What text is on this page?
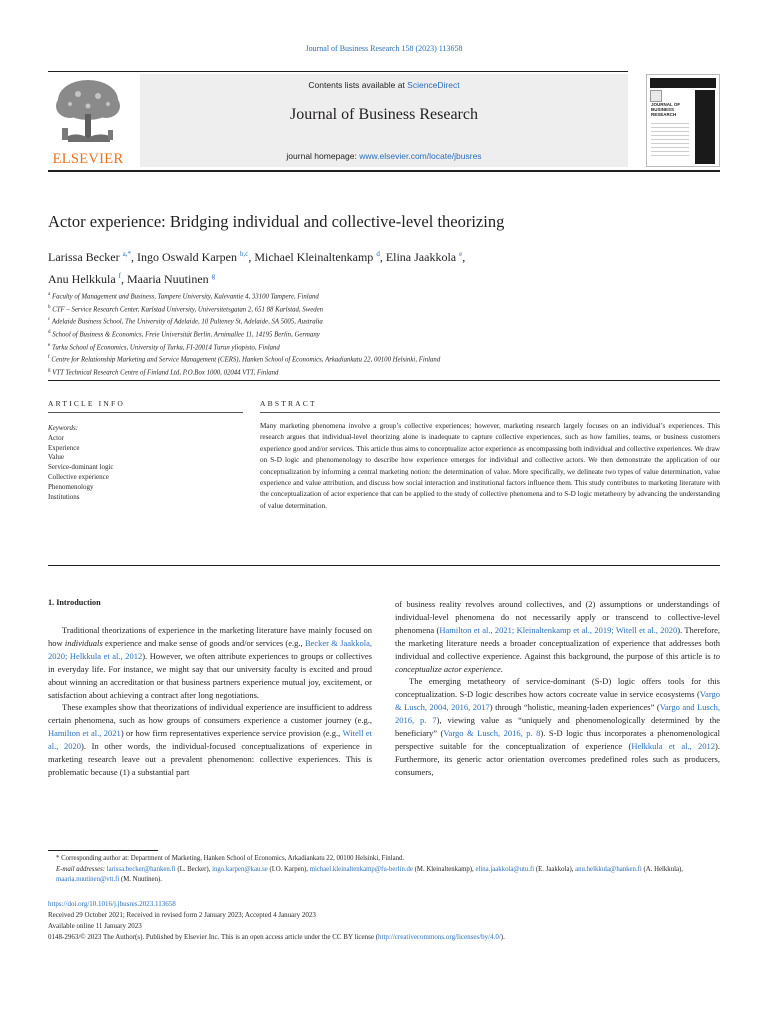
Journal of Business Research 158 (2023) 113658
ELSEVIER
Contents lists available at ScienceDirect
Journal of Business Research
journal homepage: www.elsevier.com/locate/jbusres
JOURNAL OF BUSINESS RESEARCH
Actor experience: Bridging individual and collective-level theorizing
Larissa Becker $^{a,*}$, Ingo Oswald Karpen $^{b,c}$, Michael Kleinaltenkamp $^d$, Elina Jaakkola $^e$,
Anu Helkkula $^f$, Maaria Nuutinen $^g$
$^a$ Faculty of Management and Business, Tampere University, Kalevantie 4, 33100 Tampere, Finland
$^b$ CTF – Service Research Center, Karlstad University, Universitetsgatan 2, 651 88 Karlstad, Sweden
$^c$ Adelaide Business School, The University of Adelaide, 10 Pulteney St, Adelaide, SA 5005, Australia
$^d$ School of Business & Economics, Freie Universität Berlin, Arnimallee 11, 14195 Berlin, Germany
$^e$ Turku School of Economics, University of Turku, FI-20014 Turun yliopisto, Finland
$^f$ Centre for Relationship Marketing and Service Management (CERS), Hanken School of Economics, Arkadiankatu 22, 00100 Helsinki, Finland
$^g$ VTT Technical Research Centre of Finland Ltd, P.O.Box 1000, 02044 VTT, Finland
ARTICLE INFO	ABSTRACT
Keywords:
Actor
Experience
Value
Service-dominant logic
Collective experience
Phenomenology
Institutions
Many marketing phenomena involve a group’s collective experiences; however, marketing research largely focuses on an individual’s experiences. This research argues that individual-level theorizing alone is inadequate to capture collective experiences, such as how families, teams, or business customers experience good and/or services. This article thus aims to conceptualize actor experience as encompassing both individual and collective experiences. We draw on S-D logic and phenomenology to describe how experience emerges for individual and collective actors. We then demonstrate the application of our conceptualization by informing a central marketing notion: the determination of value. More specifically, we delineate two types of value determination, value experience and value attribution, and discuss how social interaction and institutional factors influence them. This study contributes to marketing literature with the conceptualization of actor experience that can be applied to the study of collective phenomena and to S-D logic metatheory by advancing the understanding of value determination.
1. Introduction

Traditional theorizations of experience in the marketing literature have mainly focused on how individuals experience and make sense of goods and/or services (e.g., Becker & Jaakkola, 2020; Helkkula et al., 2012). However, we often attribute experiences to groups or collectives in everyday life. For instance, we might say that our university faculty is excited and proud about winning an accreditation or that business partners experience mutual joy, excitement, or satisfaction about achieving a contract after long negotiations.

These examples show that theorizations of individual experience are insufficient to address certain phenomena, such as how groups of consumers experience a customer journey (e.g., Hamilton et al., 2021) or how firm representatives experience service provision (e.g., Witell et al., 2020). In other words, the individual-focused conceptualizations of experience in marketing research leave out a prevalent phenomenon: collective experiences. This is problematic because (1) a substantial part

of business reality revolves around collectives, and (2) assumptions or understandings of individual-level phenomena do not necessarily apply or transcend to collective-level phenomena (Hamilton et al., 2021; Kleinaltenkamp et al., 2019; Witell et al., 2020). Therefore, the marketing literature needs a broader conceptualization of experience that addresses both individual and collective experience. Against this background, the purpose of this article is to conceptualize actor experience.

The emerging metatheory of service-dominant (S-D) logic offers tools for this conceptualization. S-D logic describes how actors cocreate value in service ecosystems (Vargo & Lusch, 2004, 2016, 2017) through “holistic, meaning-laden experiences” (Vargo and Lusch, 2016, p. 7), viewing value as “uniquely and phenomenologically determined by the beneficiary” (Vargo & Lusch, 2016, p. 8). S-D logic thus incorporates a phenomenological perspective suitable for the conceptualization of experience (Helkkula et al., 2012). Furthermore, its generic actor orientation overcomes predefined roles such as producers, consumers,

* Corresponding author at: Department of Marketing, Hanken School of Economics, Arkadiankatu 22, 00100 Helsinki, Finland.
E-mail addresses: larissa.becker@hanken.fi (L. Becker), ingo.karpen@kau.se (I.O. Karpen), michael.kleinaltenkamp@fu-berlin.de (M. Kleinaltenkamp), elina.jaakkola@utu.fi (E. Jaakkola), anu.helkkula@hanken.fi (A. Helkkula), maaria.nuutinen@vtt.fi (M. Nuutinen).
https://doi.org/10.1016/j.jbusres.2023.113658
Received 29 October 2021; Received in revised form 2 January 2023; Accepted 4 January 2023
Available online 11 January 2023
0148-2963/© 2023 The Author(s). Published by Elsevier Inc. This is an open access article under the CC BY license (http://creativecommons.org/licenses/by/4.0/).
